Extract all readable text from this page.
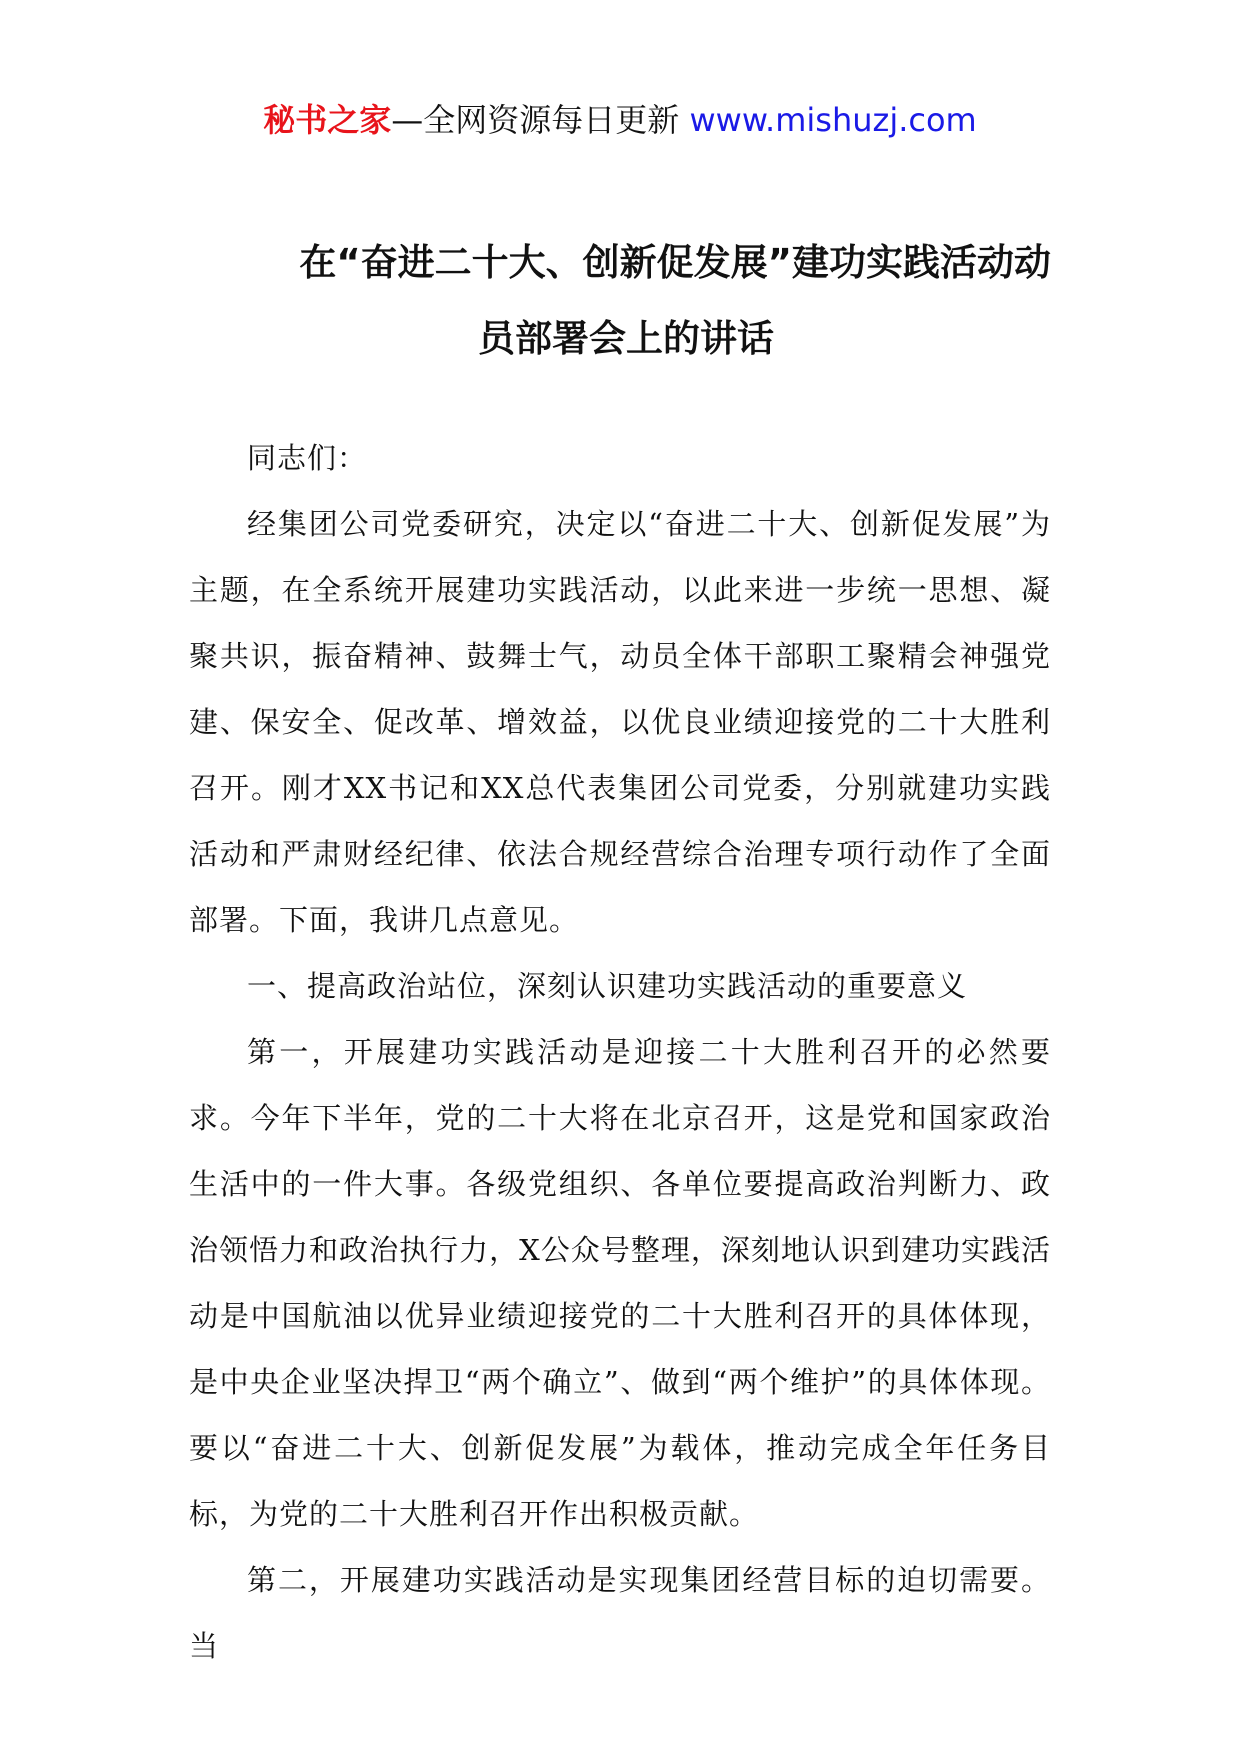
秘书之家—全网资源每日更新 www.mishuzj.com
在“奋进二十大、创新促发展”建功实践活动动
员部署会上的讲话

同志们：

经集团公司党委研究，决定以“奋进二十大、创新促发展”为主题，在全系统开展建功实践活动，以此来进一步统一思想、凝聚共识，振奋精神、鼓舞士气，动员全体干部职工聚精会神强党建、保安全、促改革、增效益，以优良业绩迎接党的二十大胜利召开。刚才XX书记和XX总代表集团公司党委，分别就建功实践活动和严肃财经纪律、依法合规经营综合治理专项行动作了全面部署。下面，我讲几点意见。

一、提高政治站位，深刻认识建功实践活动的重要意义

第一，开展建功实践活动是迎接二十大胜利召开的必然要求。今年下半年，党的二十大将在北京召开，这是党和国家政治生活中的一件大事。各级党组织、各单位要提高政治判断力、政治领悟力和政治执行力，X公众号整理，深刻地认识到建功实践活动是中国航油以优异业绩迎接党的二十大胜利召开的具体体现，是中央企业坚决捍卫“两个确立”、做到“两个维护”的具体体现。要以“奋进二十大、创新促发展”为载体，推动完成全年任务目标，为党的二十大胜利召开作出积极贡献。

第二，开展建功实践活动是实现集团经营目标的迫切需要。当
